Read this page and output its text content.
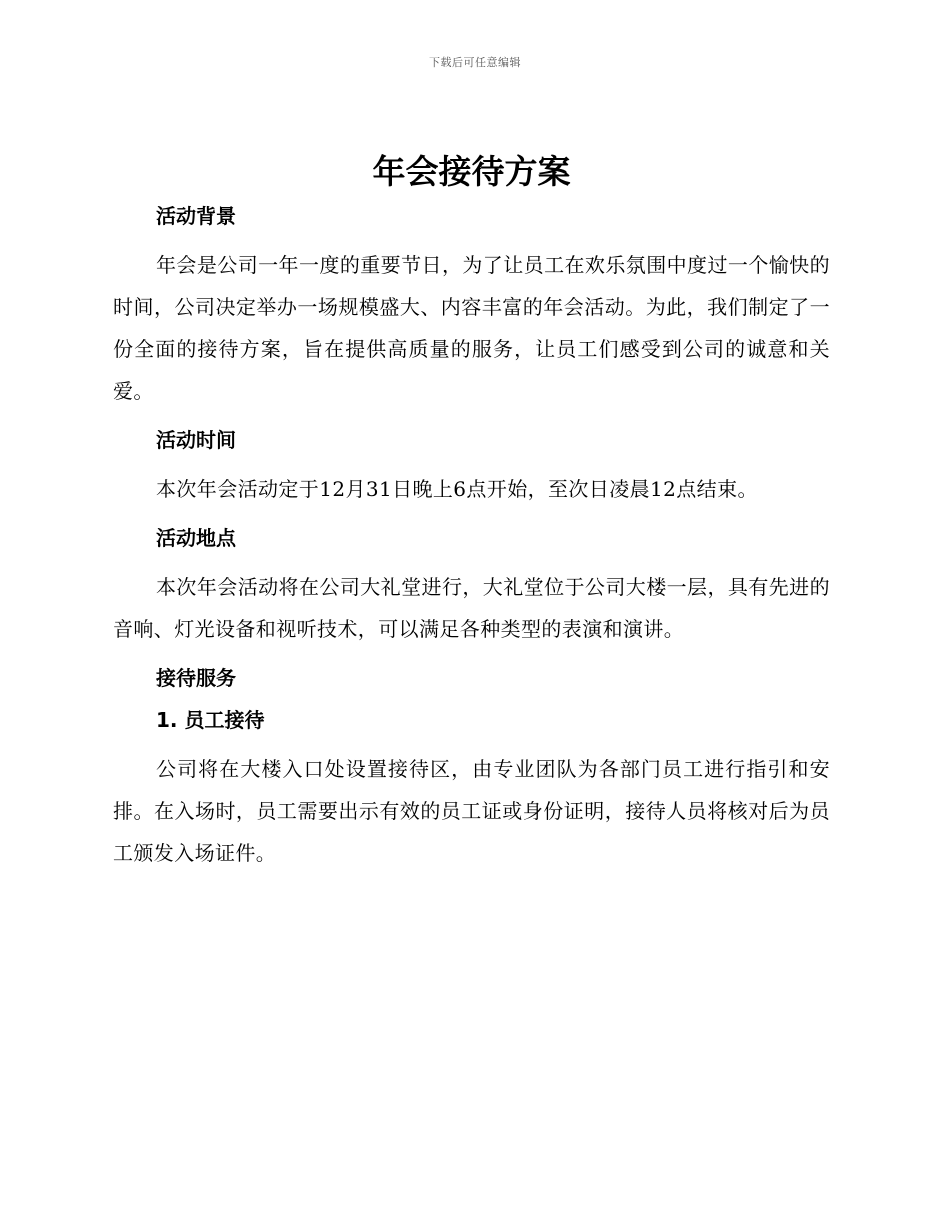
下载后可任意编辑
年会接待方案
活动背景

年会是公司一年一度的重要节日，为了让员工在欢乐氛围中度过一个愉快的时间，公司决定举办一场规模盛大、内容丰富的年会活动。为此，我们制定了一份全面的接待方案，旨在提供高质量的服务，让员工们感受到公司的诚意和关爱。

活动时间

本次年会活动定于12月31日晚上6点开始，至次日凌晨12点结束。

活动地点

本次年会活动将在公司大礼堂进行，大礼堂位于公司大楼一层，具有先进的音响、灯光设备和视听技术，可以满足各种类型的表演和演讲。

接待服务
1. 员工接待

公司将在大楼入口处设置接待区，由专业团队为各部门员工进行指引和安排。在入场时，员工需要出示有效的员工证或身份证明，接待人员将核对后为员工颁发入场证件。
